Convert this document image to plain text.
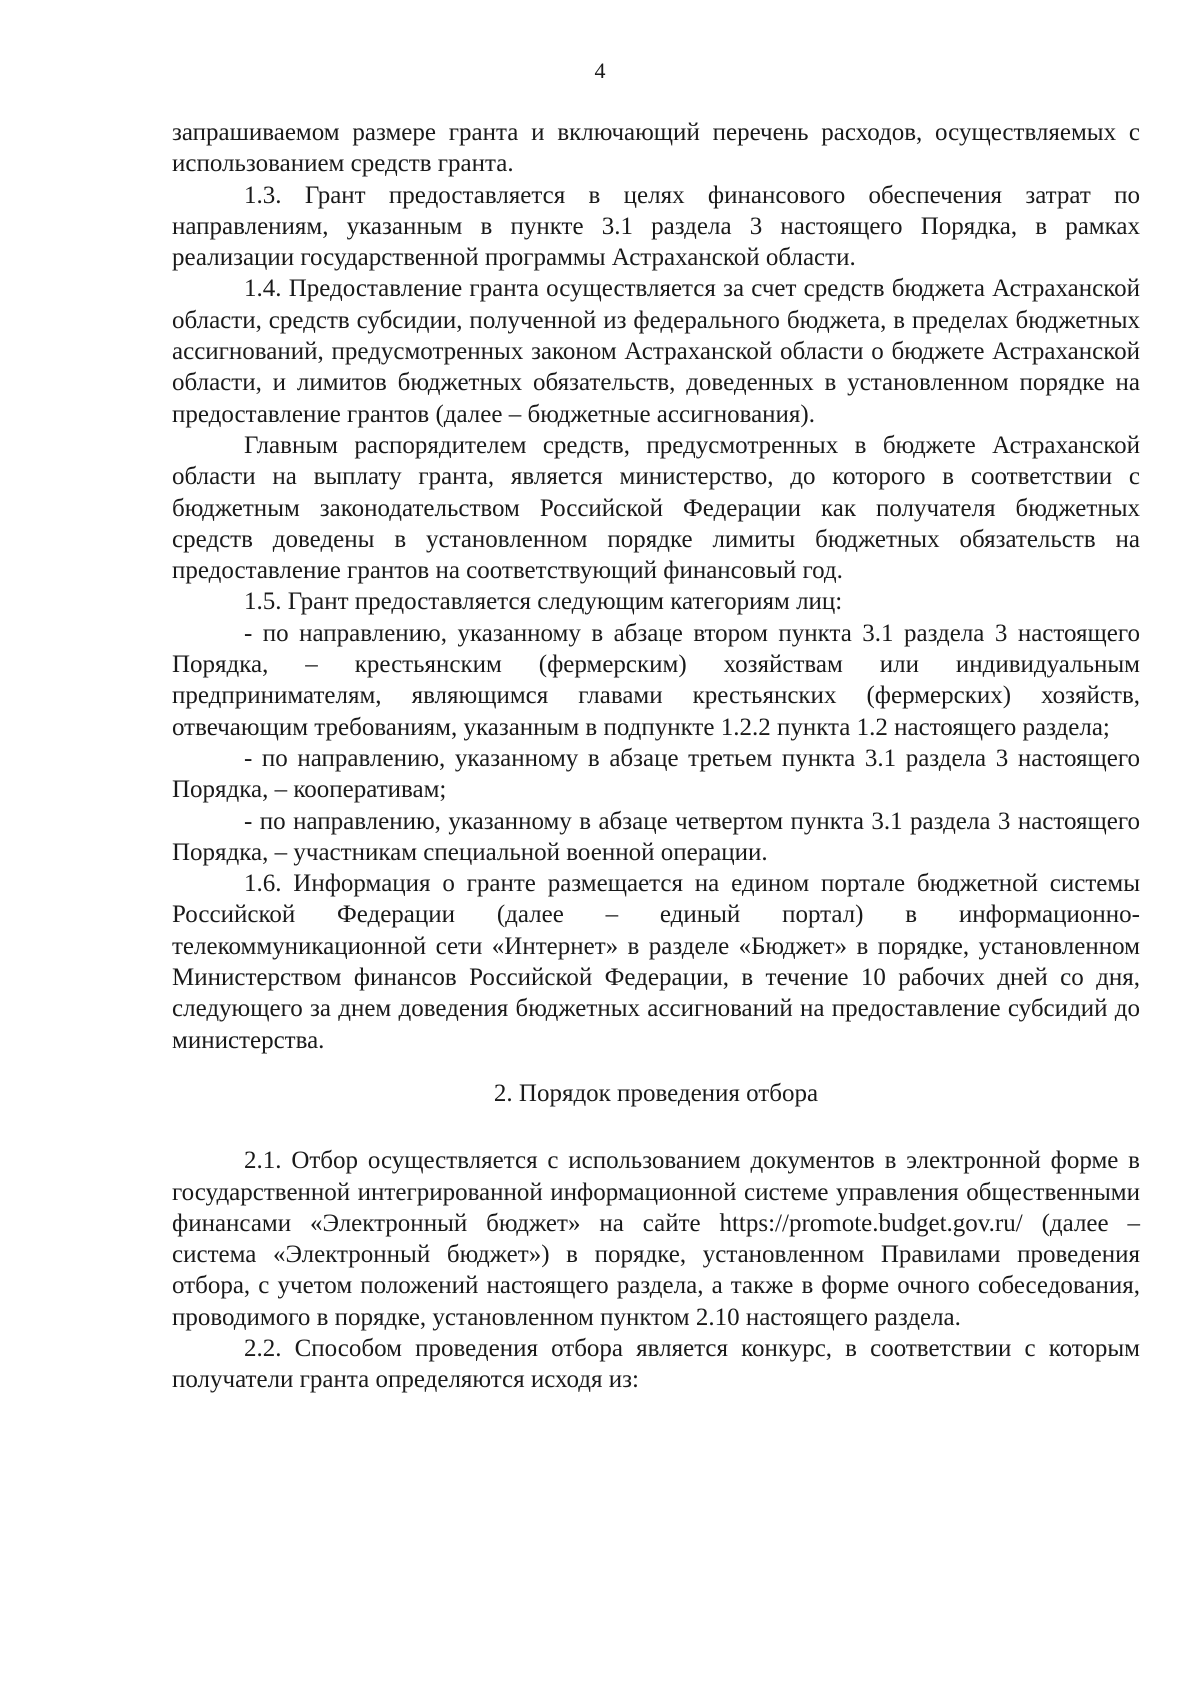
4

запрашиваемом размере гранта и включающий перечень расходов, осуществляемых с использованием средств гранта.

1.3. Грант предоставляется в целях финансового обеспечения затрат по направлениям, указанным в пункте 3.1 раздела 3 настоящего Порядка, в рамках реализации государственной программы Астраханской области.

1.4. Предоставление гранта осуществляется за счет средств бюджета Астраханской области, средств субсидии, полученной из федерального бюджета, в пределах бюджетных ассигнований, предусмотренных законом Астраханской области о бюджете Астраханской области, и лимитов бюджетных обязательств, доведенных в установленном порядке на предоставление грантов (далее – бюджетные ассигнования).

Главным распорядителем средств, предусмотренных в бюджете Астраханской области на выплату гранта, является министерство, до которого в соответствии с бюджетным законодательством Российской Федерации как получателя бюджетных средств доведены в установленном порядке лимиты бюджетных обязательств на предоставление грантов на соответствующий финансовый год.

1.5. Грант предоставляется следующим категориям лиц:

- по направлению, указанному в абзаце втором пункта 3.1 раздела 3 настоящего Порядка, – крестьянским (фермерским) хозяйствам или индивидуальным предпринимателям, являющимся главами крестьянских (фермерских) хозяйств, отвечающим требованиям, указанным в подпункте 1.2.2 пункта 1.2 настоящего раздела;

- по направлению, указанному в абзаце третьем пункта 3.1 раздела 3 настоящего Порядка, – кооперативам;

- по направлению, указанному в абзаце четвертом пункта 3.1 раздела 3 настоящего Порядка, – участникам специальной военной операции.

1.6. Информация о гранте размещается на едином портале бюджетной системы Российской Федерации (далее – единый портал) в информационно-телекоммуникационной сети «Интернет» в разделе «Бюджет» в порядке, установленном Министерством финансов Российской Федерации, в течение 10 рабочих дней со дня, следующего за днем доведения бюджетных ассигнований на предоставление субсидий до министерства.

2. Порядок проведения отбора

2.1. Отбор осуществляется с использованием документов в электронной форме в государственной интегрированной информационной системе управления общественными финансами «Электронный бюджет» на сайте https://promote.budget.gov.ru/ (далее – система «Электронный бюджет») в порядке, установленном Правилами проведения отбора, с учетом положений настоящего раздела, а также в форме очного собеседования, проводимого в порядке, установленном пунктом 2.10 настоящего раздела.

2.2. Способом проведения отбора является конкурс, в соответствии с которым получатели гранта определяются исходя из:
